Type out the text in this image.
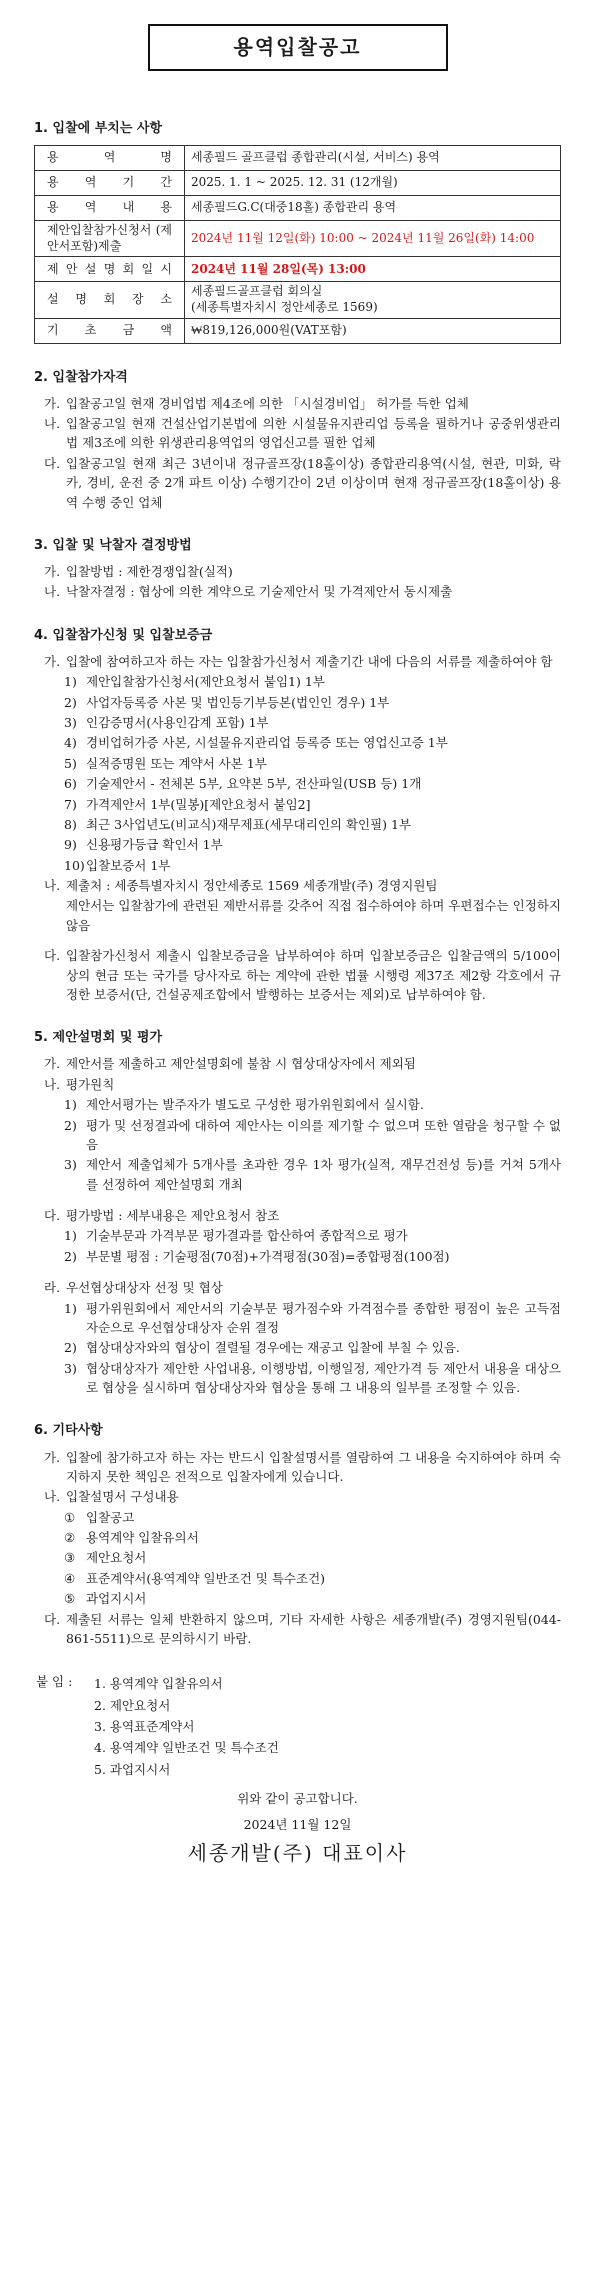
용역입찰공고
1. 입찰에 부치는 사항
용 역 명	세종필드 골프클럽 종합관리(시설, 서비스) 용역
용 역 기 간	2025. 1. 1 ~ 2025. 12. 31 (12개월)
용 역 내 용	세종필드G.C(대중18홀) 종합관리 용역
제안입찰참가신청서 (제안서포함)제출	2024년 11월 12일(화) 10:00 ~ 2024년 11월 26일(화) 14:00
제 안 설 명 회 일 시	2024년 11월 28일(목) 13:00
설 명 회 장 소	세종필드골프클럽 회의실
(세종특별자치시 정안세종로 1569)

기 초 금 액	₩819,126,000원(VAT포함)
2. 입찰참가자격
가. 입찰공고일 현재 경비업법 제4조에 의한 「시설경비업」 허가를 득한 업체
나. 입찰공고일 현재 건설산업기본법에 의한 시설물유지관리업 등록을 필하거나 공중위생관리법 제3조에 의한 위생관리용역업의 영업신고를 필한 업체
다. 입찰공고일 현재 최근 3년이내 정규골프장(18홀이상) 종합관리용역(시설, 현관, 미화, 락카, 경비, 운전 중 2개 파트 이상) 수행기간이 2년 이상이며 현재 정규골프장(18홀이상) 용역 수행 중인 업체
3. 입찰 및 낙찰자 결정방법
가. 입찰방법 : 제한경쟁입찰(실적)
나. 낙찰자결정 : 협상에 의한 계약으로 기술제안서 및 가격제안서 동시제출
4. 입찰참가신청 및 입찰보증금
가. 입찰에 참여하고자 하는 자는 입찰참가신청서 제출기간 내에 다음의 서류를 제출하여야 함
1) 제안입찰참가신청서(제안요청서 붙임1) 1부
2) 사업자등록증 사본 및 법인등기부등본(법인인 경우) 1부
3) 인감증명서(사용인감계 포함) 1부
4) 경비업허가증 사본, 시설물유지관리업 등록증 또는 영업신고증 1부
5) 실적증명원 또는 계약서 사본 1부
6) 기술제안서 - 전체본 5부, 요약본 5부, 전산파일(USB 등) 1개
7) 가격제안서 1부(밀봉)[제안요청서 붙임2]
8) 최근 3사업년도(비교식)재무제표(세무대리인의 확인필) 1부
9) 신용평가등급 확인서 1부
10) 입찰보증서 1부
나. 제출처 : 세종특별자치시 정안세종로 1569 세종개발(주) 경영지원팀
제안서는 입찰참가에 관련된 제반서류를 갖추어 직접 접수하여야 하며 우편접수는 인정하지 않음
다. 입찰참가신청서 제출시 입찰보증금을 납부하여야 하며 입찰보증금은 입찰금액의 5/100이상의 현금 또는 국가를 당사자로 하는 계약에 관한 법률 시행령 제37조 제2항 각호에서 규정한 보증서(단, 건설공제조합에서 발행하는 보증서는 제외)로 납부하여야 함.
5. 제안설명회 및 평가
가. 제안서를 제출하고 제안설명회에 불참 시 협상대상자에서 제외됨
나. 평가원칙
1) 제안서평가는 발주자가 별도로 구성한 평가위원회에서 실시함.
2) 평가 및 선정결과에 대하여 제안사는 이의를 제기할 수 없으며 또한 열람을 청구할 수 없음
3) 제안서 제출업체가 5개사를 초과한 경우 1차 평가(실적, 재무건전성 등)를 거쳐 5개사를 선정하여 제안설명회 개최
다. 평가방법 : 세부내용은 제안요청서 참조
1) 기술부문과 가격부문 평가결과를 합산하여 종합적으로 평가
2) 부문별 평점 : 기술평점(70점)+가격평점(30점)=종합평점(100점)
라. 우선협상대상자 선정 및 협상
1) 평가위원회에서 제안서의 기술부문 평가점수와 가격점수를 종합한 평점이 높은 고득점자순으로 우선협상대상자 순위 결정
2) 협상대상자와의 협상이 결렬될 경우에는 재공고 입찰에 부칠 수 있음.
3) 협상대상자가 제안한 사업내용, 이행방법, 이행일정, 제안가격 등 제안서 내용을 대상으로 협상을 실시하며 협상대상자와 협상을 통해 그 내용의 일부를 조정할 수 있음.
6. 기타사항
가. 입찰에 참가하고자 하는 자는 반드시 입찰설명서를 열람하여 그 내용을 숙지하여야 하며 숙지하지 못한 책임은 전적으로 입찰자에게 있습니다.
나. 입찰설명서 구성내용
① 입찰공고
② 용역계약 입찰유의서
③ 제안요청서
④ 표준계약서(용역계약 일반조건 및 특수조건)
⑤ 과업지시서
다. 제출된 서류는 일체 반환하지 않으며, 기타 자세한 사항은 세종개발(주) 경영지원팀(044-861-5511)으로 문의하시기 바람.
붙 임 :	1. 용역계약 입찰유의서
2. 제안요청서
3. 용역표준계약서
4. 용역계약 일반조건 및 특수조건
5. 과업지시서
위와 같이 공고합니다.
2024년 11월 12일
세종개발(주) 대표이사
